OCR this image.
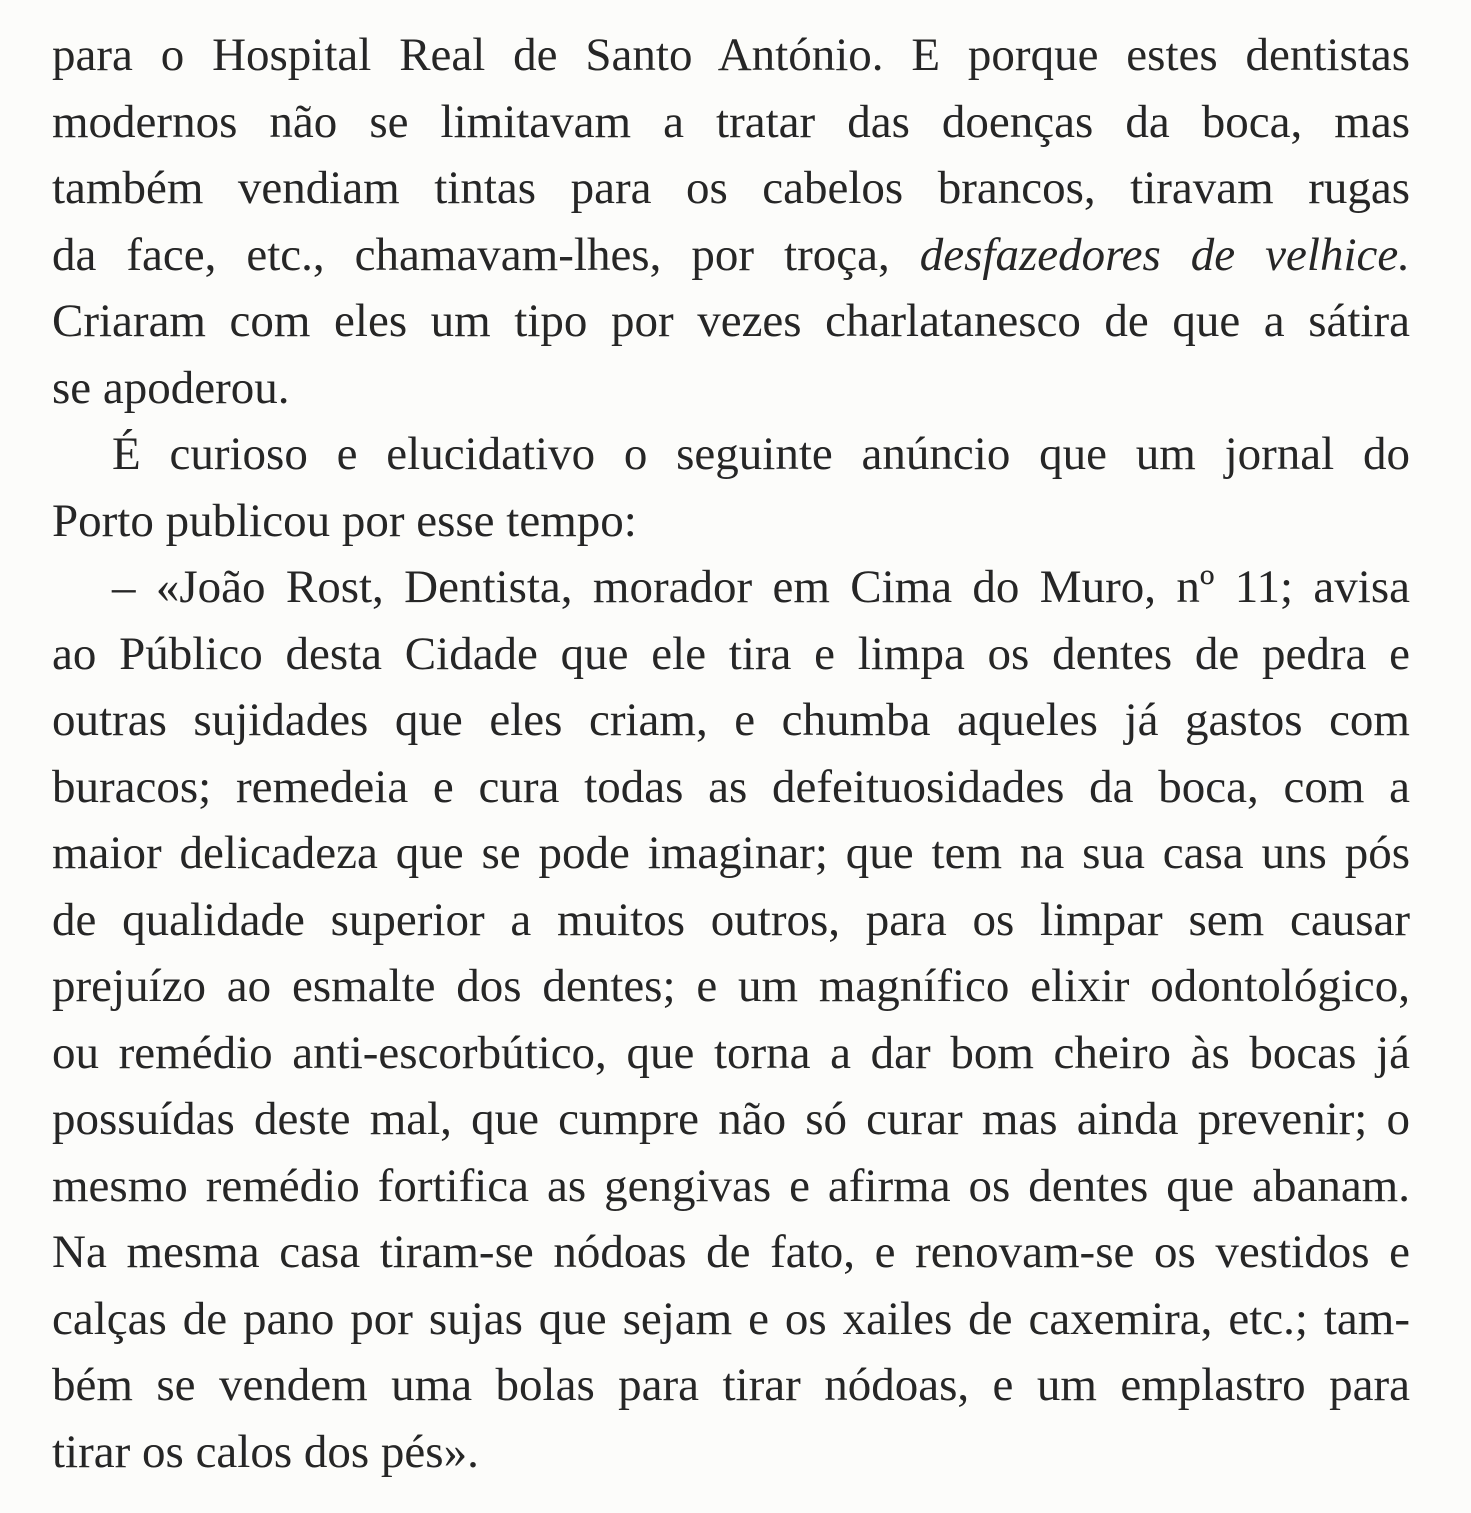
para o Hospital Real de Santo António. E porque estes dentistas
modernos não se limitavam a tratar das doenças da boca, mas
também vendiam tintas para os cabelos brancos, tiravam rugas
da face, etc., chamavam-lhes, por troça, desfazedores de velhice.
Criaram com eles um tipo por vezes charlatanesco de que a sátira
se apoderou.
É curioso e elucidativo o seguinte anúncio que um jornal do
Porto publicou por esse tempo:
– «João Rost, Dentista, morador em Cima do Muro, nº 11; avisa
ao Público desta Cidade que ele tira e limpa os dentes de pedra e
outras sujidades que eles criam, e chumba aqueles já gastos com
buracos; remedeia e cura todas as defeituosidades da boca, com a
maior delicadeza que se pode imaginar; que tem na sua casa uns pós
de qualidade superior a muitos outros, para os limpar sem causar
prejuízo ao esmalte dos dentes; e um magnífico elixir odontológico,
ou remédio anti-escorbútico, que torna a dar bom cheiro às bocas já
possuídas deste mal, que cumpre não só curar mas ainda prevenir; o
mesmo remédio fortifica as gengivas e afirma os dentes que abanam.
Na mesma casa tiram-se nódoas de fato, e renovam-se os vestidos e
calças de pano por sujas que sejam e os xailes de caxemira, etc.; tam-
bém se vendem uma bolas para tirar nódoas, e um emplastro para
tirar os calos dos pés».
